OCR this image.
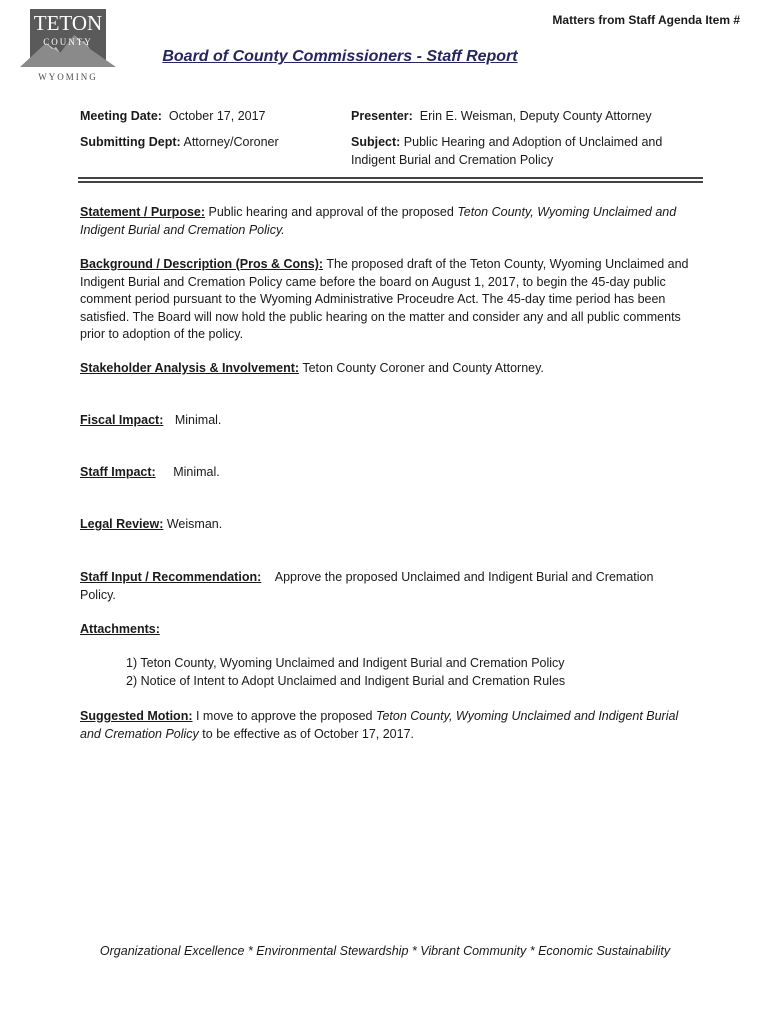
TETON
COUNTY
WYOMING
Matters from Staff Agenda Item #
Board of County Commissioners - Staff Report
Meeting Date: October 17, 2017	Presenter: Erin E. Weisman, Deputy County Attorney
Submitting Dept: Attorney/Coroner	Subject: Public Hearing and Adoption of Unclaimed and
Indigent Burial and Cremation Policy
Statement / Purpose: Public hearing and approval of the proposed Teton County, Wyoming Unclaimed and
Indigent Burial and Cremation Policy.
Background / Description (Pros & Cons): The proposed draft of the Teton County, Wyoming Unclaimed and
Indigent Burial and Cremation Policy came before the board on August 1, 2017, to begin the 45-day public
comment period pursuant to the Wyoming Administrative Proceudre Act. The 45-day time period has been
satisfied. The Board will now hold the public hearing on the matter and consider any and all public comments
prior to adoption of the policy.
Stakeholder Analysis & Involvement: Teton County Coroner and County Attorney.
Fiscal Impact: Minimal.
Staff Impact: Minimal.
Legal Review: Weisman.
Staff Input / Recommendation: Approve the proposed Unclaimed and Indigent Burial and Cremation
Policy.
Attachments:
1) Teton County, Wyoming Unclaimed and Indigent Burial and Cremation Policy
2) Notice of Intent to Adopt Unclaimed and Indigent Burial and Cremation Rules
Suggested Motion: I move to approve the proposed Teton County, Wyoming Unclaimed and Indigent Burial
and Cremation Policy to be effective as of October 17, 2017.
Organizational Excellence * Environmental Stewardship * Vibrant Community * Economic Sustainability
